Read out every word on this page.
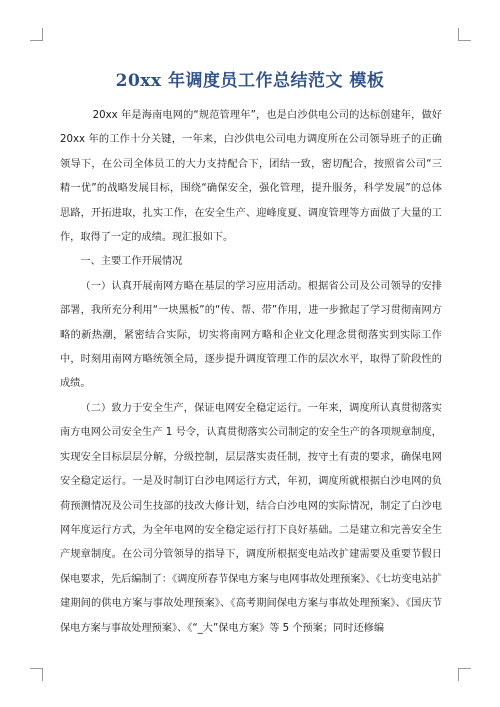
20xx 年调度员工作总结范文 模板

20xx 年是海南电网的“规范管理年”，也是白沙供电公司的达标创建年，做好 20xx 年的工作十分关键，一年来，白沙供电公司电力调度所在公司领导班子的正确领导下，在公司全体员工的大力支持配合下，团结一致，密切配合，按照省公司“三精一优”的战略发展目标，围绕“确保安全，强化管理，提升服务，科学发展”的总体思路，开拓进取，扎实工作，在安全生产、迎峰度夏、调度管理等方面做了大量的工作，取得了一定的成绩。现汇报如下。

一、主要工作开展情况

（一）认真开展南网方略在基层的学习应用活动。根据省公司及公司领导的安排部署，我所充分利用“一块黑板”的“传、帮、带”作用，进一步掀起了学习贯彻南网方略的新热潮，紧密结合实际，切实将南网方略和企业文化理念贯彻落实到实际工作中，时刻用南网方略统领全局，逐步提升调度管理工作的层次水平，取得了阶段性的成绩。

（二）致力于安全生产，保证电网安全稳定运行。一年来，调度所认真贯彻落实南方电网公司安全生产 1 号令，认真贯彻落实公司制定的安全生产的各项规章制度，实现安全目标层层分解，分级控制，层层落实责任制，按守土有责的要求，确保电网安全稳定运行。一是及时制订白沙电网运行方式，年初，调度所就根据白沙电网的负荷预测情况及公司生技部的技改大修计划，结合白沙电网的实际情况，制定了白沙电网年度运行方式，为全年电网的安全稳定运行打下良好基础。二是建立和完善安全生产规章制度。在公司分管领导的指导下，调度所根据变电站改扩建需要及重要节假日保电要求，先后编制了：《调度所春节保电方案与电网事故处理预案》、《七坊变电站扩建期间的供电方案与事故处理预案》、《高考期间保电方案与事故处理预案》、《国庆节保电方案与事故处理预案》、《“_大”保电方案》等 5 个预案；同时还修编
